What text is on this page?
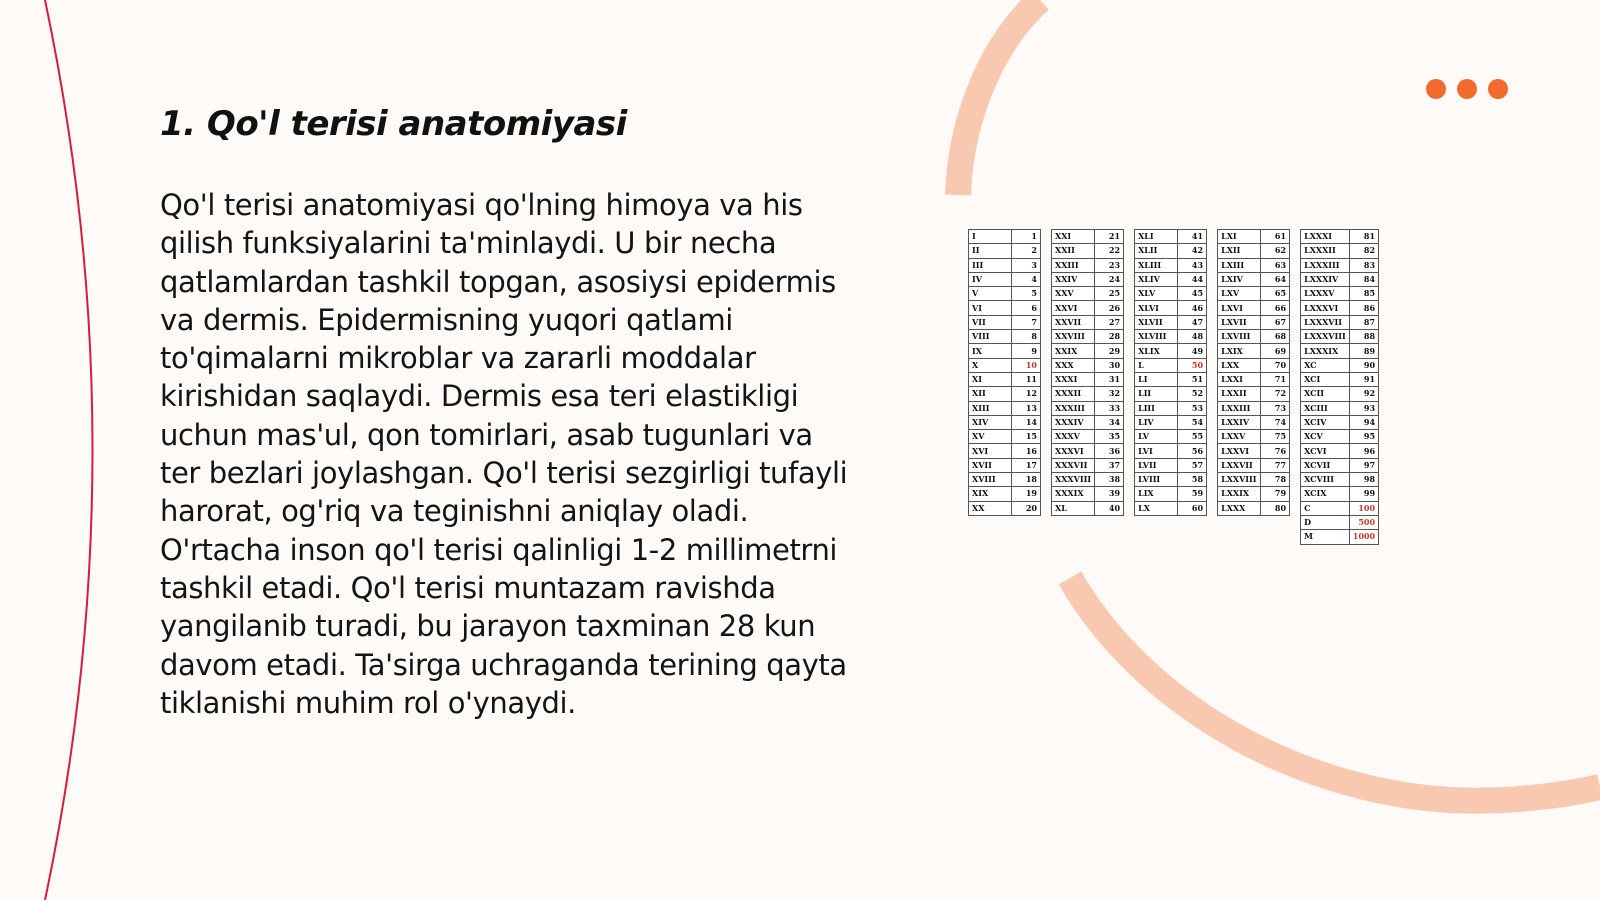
1. Qo'l terisi anatomiyasi

Qo'l terisi anatomiyasi qo'lning himoya va his qilish funksiyalarini ta'minlaydi. U bir necha qatlamlardan tashkil topgan, asosiysi epidermis va dermis. Epidermisning yuqori qatlami to'qimalarni mikroblar va zararli moddalar kirishidan saqlaydi. Dermis esa teri elastikligi uchun mas'ul, qon tomirlari, asab tugunlari va ter bezlari joylashgan. Qo'l terisi sezgirligi tufayli harorat, og'riq va teginishni aniqlay oladi. O'rtacha inson qo'l terisi qalinligi 1-2 millimetrni tashkil etadi. Qo'l terisi muntazam ravishda yangilanib turadi, bu jarayon taxminan 28 kun davom etadi. Ta'sirga uchraganda terining qayta tiklanishi muhim rol o'ynaydi.

I	1
II	2
III	3
IV	4
V	5
VI	6
VII	7
VIII	8
IX	9
X	10
XI	11
XII	12
XIII	13
XIV	14
XV	15
XVI	16
XVII	17
XVIII	18
XIX	19
XX	20
XXI	21
XXII	22
XXIII	23
XXIV	24
XXV	25
XXVI	26
XXVII	27
XXVIII	28
XXIX	29
XXX	30
XXXI	31
XXXII	32
XXXIII	33
XXXIV	34
XXXV	35
XXXVI	36
XXXVII	37
XXXVIII	38
XXXIX	39
XL	40
XLI	41
XLII	42
XLIII	43
XLIV	44
XLV	45
XLVI	46
XLVII	47
XLVIII	48
XLIX	49
L	50
LI	51
LII	52
LIII	53
LIV	54
LV	55
LVI	56
LVII	57
LVIII	58
LIX	59
LX	60
LXI	61
LXII	62
LXIII	63
LXIV	64
LXV	65
LXVI	66
LXVII	67
LXVIII	68
LXIX	69
LXX	70
LXXI	71
LXXII	72
LXXIII	73
LXXIV	74
LXXV	75
LXXVI	76
LXXVII	77
LXXVIII	78
LXXIX	79
LXXX	80
LXXXI	81
LXXXII	82
LXXXIII	83
LXXXIV	84
LXXXV	85
LXXXVI	86
LXXXVII	87
LXXXVIII	88
LXXXIX	89
XC	90
XCI	91
XCII	92
XCIII	93
XCIV	94
XCV	95
XCVI	96
XCVII	97
XCVIII	98
XCIX	99
C	100
D	500
M	1000
